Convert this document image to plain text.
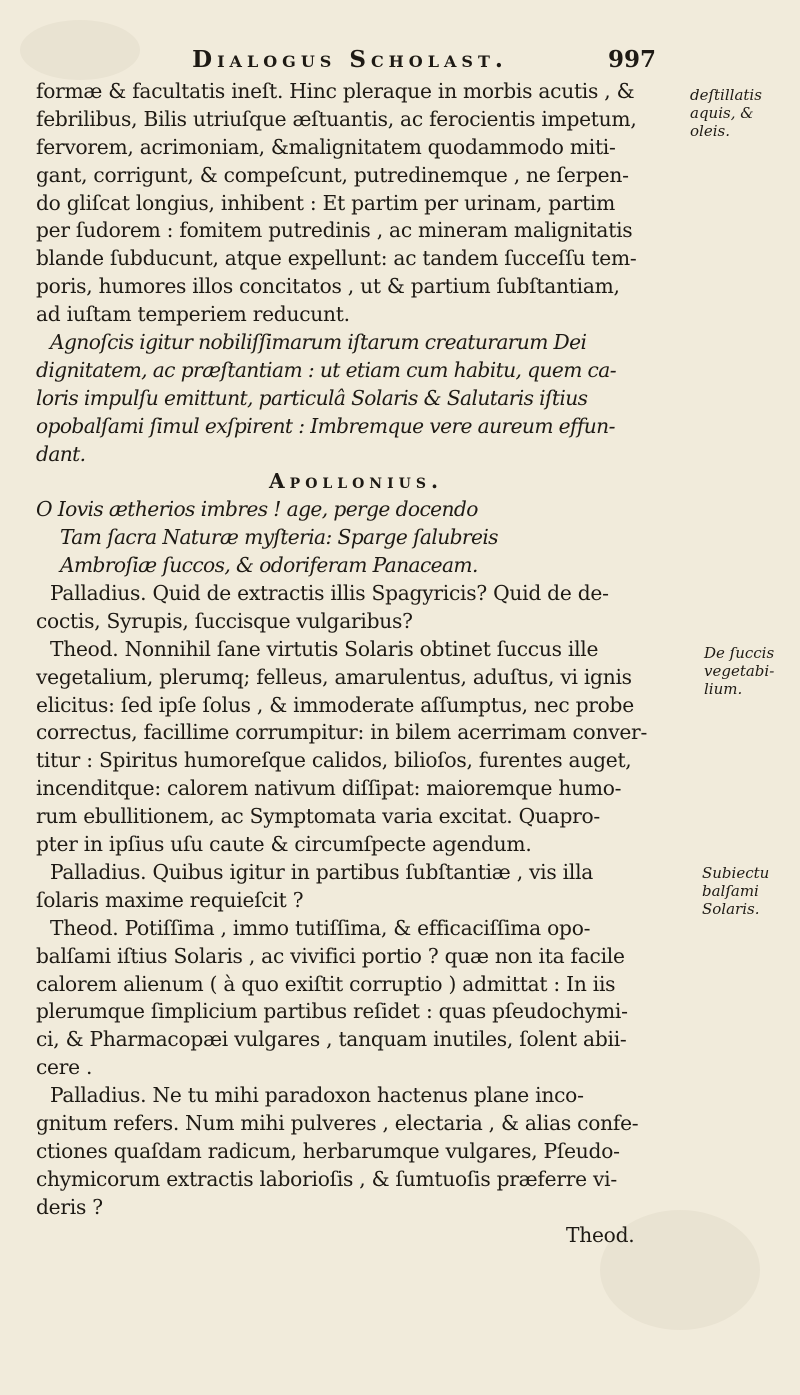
Dialogus Scholast.	997
formæ & facultatis ineſt. Hinc pleraque in morbis acutis , &
febrilibus, Bilis utriuſque æſtuantis, ac ferocientis impetum,
fervorem, acrimoniam, &malignitatem quodammodo miti-
gant, corrigunt, & compeſcunt, putredinemque , ne ſerpen-
do gliſcat longius, inhibent : Et partim per urinam, partim
per ſudorem : fomitem putredinis , ac mineram malignitatis
blande ſubducunt, atque expellunt: ac tandem ſucceſſu tem-
poris, humores illos concitatos , ut & partium ſubſtantiam,
ad iuſtam temperiem reducunt.
Agnoſcis igitur nobiliſſimarum iſtarum creaturarum Dei
dignitatem, ac præſtantiam : ut etiam cum habitu, quem ca-
loris impulſu emittunt, particulâ Solaris & Salutaris iſtius
opobalſami ſimul exſpirent : Imbremque vere aureum effun-
dant.
Apollonius.
O Iovis ætherios imbres ! age, perge docendo
Tam ſacra Naturæ myſteria: Sparge ſalubreis
Ambroſiæ ſuccos, & odoriferam Panaceam.
Palladius. Quid de extractis illis Spagyricis? Quid de de-
coctis, Syrupis, ſuccisque vulgaribus?
Theod. Nonnihil ſane virtutis Solaris obtinet ſuccus ille
vegetalium, plerumq; felleus, amarulentus, aduſtus, vi ignis
elicitus: ſed ipſe ſolus , & immoderate aſſumptus, nec probe
correctus, facillime corrumpitur: in bilem acerrimam conver-
titur : Spiritus humoreſque calidos, bilioſos, furentes auget,
incenditque: calorem nativum diſſipat: maioremque humo-
rum ebullitionem, ac Symptomata varia excitat. Quapro-
pter in ipſius uſu caute & circumſpecte agendum.
Palladius. Quibus igitur in partibus ſubſtantiæ , vis illa
ſolaris maxime requieſcit ?
Theod. Potiſſima , immo tutiſſima, & efficaciſſima opo-
balſami iſtius Solaris , ac vivifici portio ? quæ non ita facile
calorem alienum ( à quo exiſtit corruptio ) admittat : In iis
plerumque ſimplicium partibus reſidet : quas pſeudochymi-
ci, & Pharmacopæi vulgares , tanquam inutiles, ſolent abii-
cere .
Palladius. Ne tu mihi paradoxon hactenus plane inco-
gnitum refers. Num mihi pulveres , electaria , & alias confe-
ctiones quaſdam radicum, herbarumque vulgares, Pſeudo-
chymicorum extractis laborioſis , & ſumtuoſis præferre vi-
deris ?
Theod.
deſtillatis
aquis, &
oleis.
De ſuccis
vegetabi-
lium.
Subiectu
balſami
Solaris.
